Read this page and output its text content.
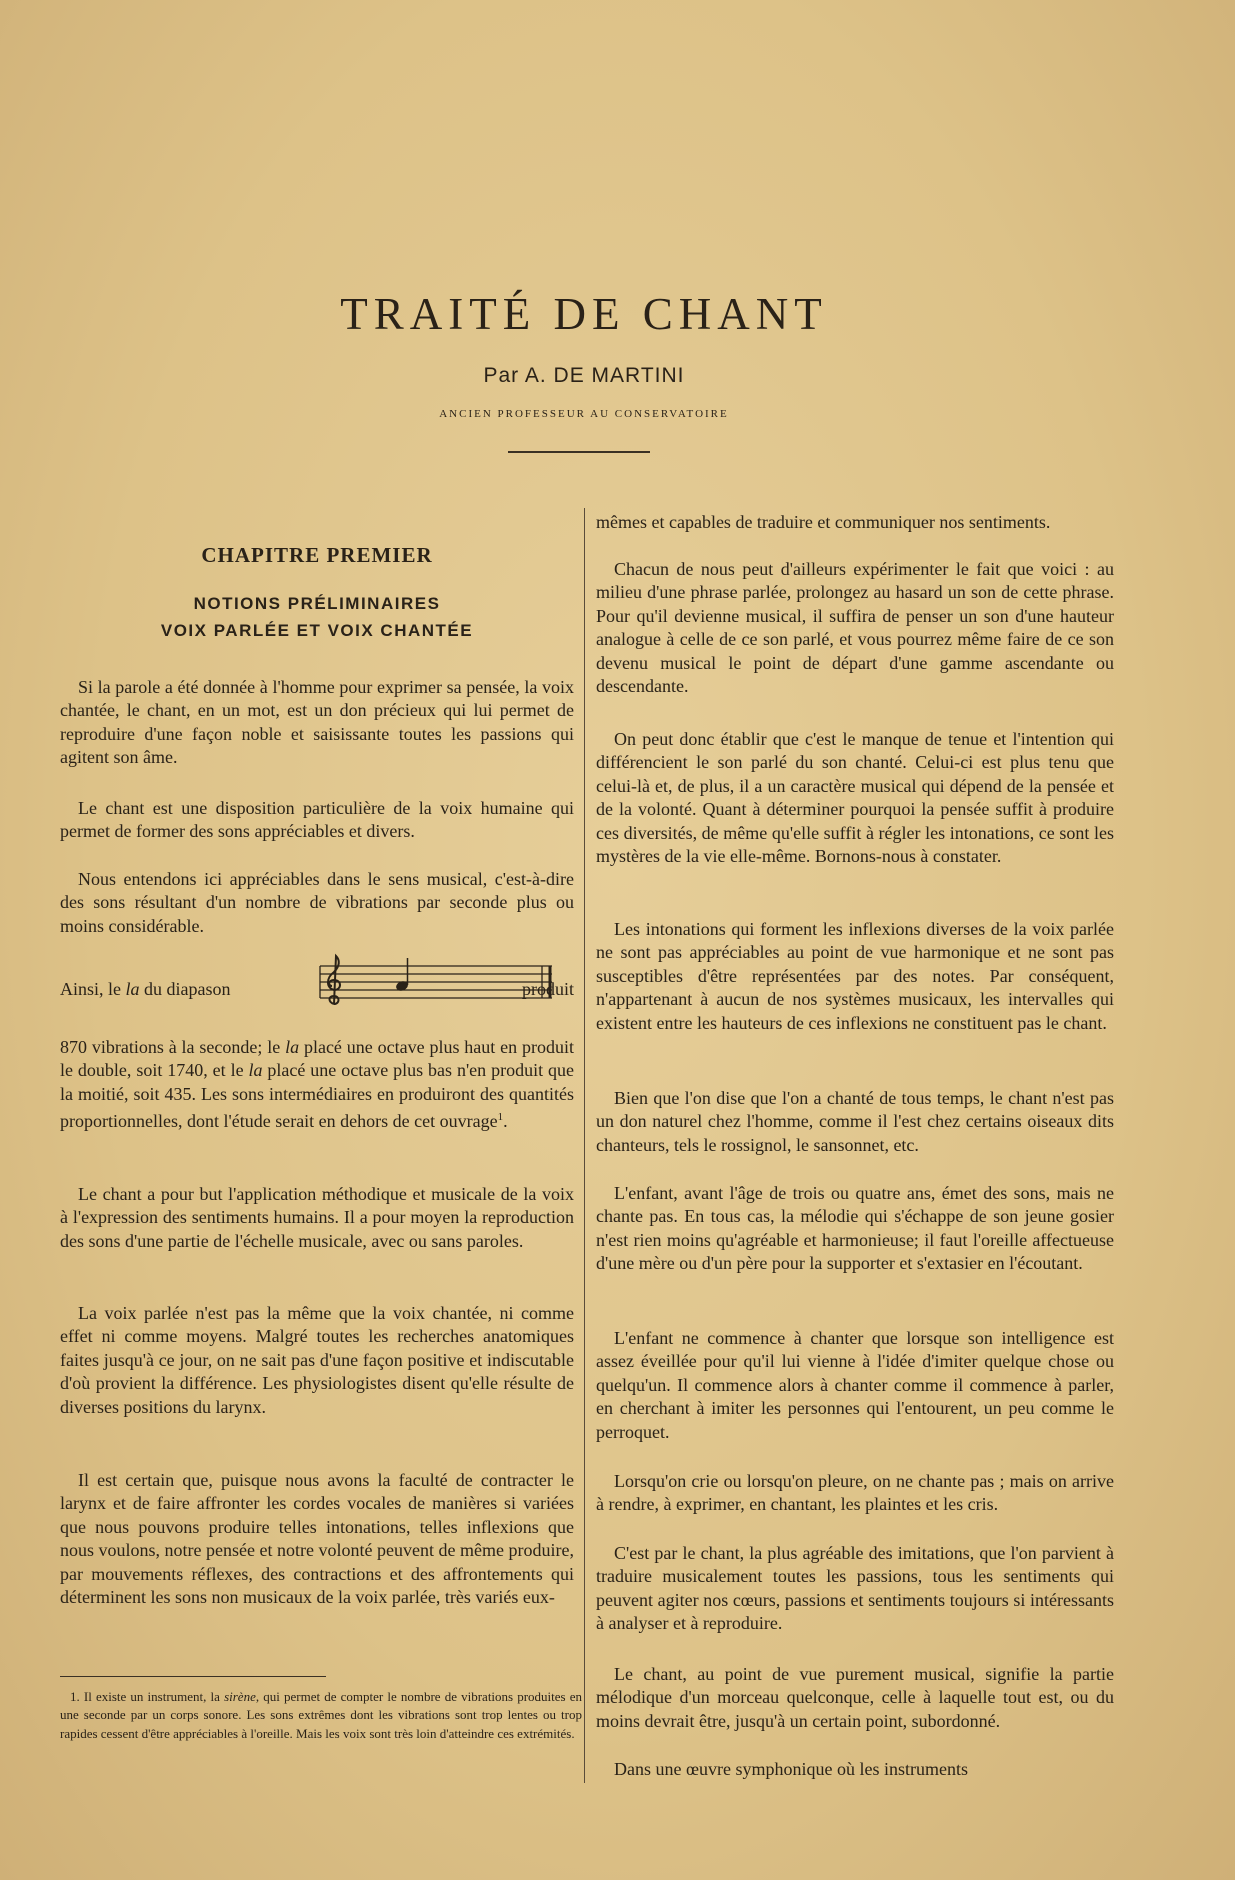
TRAITÉ DE CHANT

Par A. DE MARTINI

ANCIEN PROFESSEUR AU CONSERVATOIRE

CHAPITRE PREMIER
NOTIONS PRÉLIMINAIRES
VOIX PARLÉE ET VOIX CHANTÉE

Si la parole a été donnée à l'homme pour exprimer sa pensée, la voix chantée, le chant, en un mot, est un don précieux qui lui permet de reproduire d'une façon noble et saisissante toutes les passions qui agitent son âme.

Le chant est une disposition particulière de la voix humaine qui permet de former des sons appréciables et divers.

Nous entendons ici appréciables dans le sens musical, c'est-à-dire des sons résultant d'un nombre de vibrations par seconde plus ou moins considérable.

Ainsi, le la du diapason	produit

870 vibrations à la seconde; le la placé une octave plus haut en produit le double, soit 1740, et le la placé une octave plus bas n'en produit que la moitié, soit 435. Les sons intermédiaires en produiront des quantités proportionnelles, dont l'étude serait en dehors de cet ouvrage$^1$.

Le chant a pour but l'application méthodique et musicale de la voix à l'expression des sentiments humains. Il a pour moyen la reproduction des sons d'une partie de l'échelle musicale, avec ou sans paroles.

La voix parlée n'est pas la même que la voix chantée, ni comme effet ni comme moyens. Malgré toutes les recherches anatomiques faites jusqu'à ce jour, on ne sait pas d'une façon positive et indiscutable d'où provient la différence. Les physiologistes disent qu'elle résulte de diverses positions du larynx.

Il est certain que, puisque nous avons la faculté de contracter le larynx et de faire affronter les cordes vocales de manières si variées que nous pouvons produire telles intonations, telles inflexions que nous voulons, notre pensée et notre volonté peuvent de même produire, par mouvements réflexes, des contractions et des affrontements qui déterminent les sons non musicaux de la voix parlée, très variés eux-

1. Il existe un instrument, la sirène, qui permet de compter le nombre de vibrations produites en une seconde par un corps sonore. Les sons extrêmes dont les vibrations sont trop lentes ou trop rapides cessent d'être appréciables à l'oreille. Mais les voix sont très loin d'atteindre ces extrémités.

mêmes et capables de traduire et communiquer nos sentiments.

Chacun de nous peut d'ailleurs expérimenter le fait que voici : au milieu d'une phrase parlée, prolongez au hasard un son de cette phrase. Pour qu'il devienne musical, il suffira de penser un son d'une hauteur analogue à celle de ce son parlé, et vous pourrez même faire de ce son devenu musical le point de départ d'une gamme ascendante ou descendante.

On peut donc établir que c'est le manque de tenue et l'intention qui différencient le son parlé du son chanté. Celui-ci est plus tenu que celui-là et, de plus, il a un caractère musical qui dépend de la pensée et de la volonté. Quant à déterminer pourquoi la pensée suffit à produire ces diversités, de même qu'elle suffit à régler les intonations, ce sont les mystères de la vie elle-même. Bornons-nous à constater.

Les intonations qui forment les inflexions diverses de la voix parlée ne sont pas appréciables au point de vue harmonique et ne sont pas susceptibles d'être représentées par des notes. Par conséquent, n'appartenant à aucun de nos systèmes musicaux, les intervalles qui existent entre les hauteurs de ces inflexions ne constituent pas le chant.

Bien que l'on dise que l'on a chanté de tous temps, le chant n'est pas un don naturel chez l'homme, comme il l'est chez certains oiseaux dits chanteurs, tels le rossignol, le sansonnet, etc.

L'enfant, avant l'âge de trois ou quatre ans, émet des sons, mais ne chante pas. En tous cas, la mélodie qui s'échappe de son jeune gosier n'est rien moins qu'agréable et harmonieuse; il faut l'oreille affectueuse d'une mère ou d'un père pour la supporter et s'extasier en l'écoutant.

L'enfant ne commence à chanter que lorsque son intelligence est assez éveillée pour qu'il lui vienne à l'idée d'imiter quelque chose ou quelqu'un. Il commence alors à chanter comme il commence à parler, en cherchant à imiter les personnes qui l'entourent, un peu comme le perroquet.

Lorsqu'on crie ou lorsqu'on pleure, on ne chante pas ; mais on arrive à rendre, à exprimer, en chantant, les plaintes et les cris.

C'est par le chant, la plus agréable des imitations, que l'on parvient à traduire musicalement toutes les passions, tous les sentiments qui peuvent agiter nos cœurs, passions et sentiments toujours si intéressants à analyser et à reproduire.

Le chant, au point de vue purement musical, signifie la partie mélodique d'un morceau quelconque, celle à laquelle tout est, ou du moins devrait être, jusqu'à un certain point, subordonné.

Dans une œuvre symphonique où les instruments
